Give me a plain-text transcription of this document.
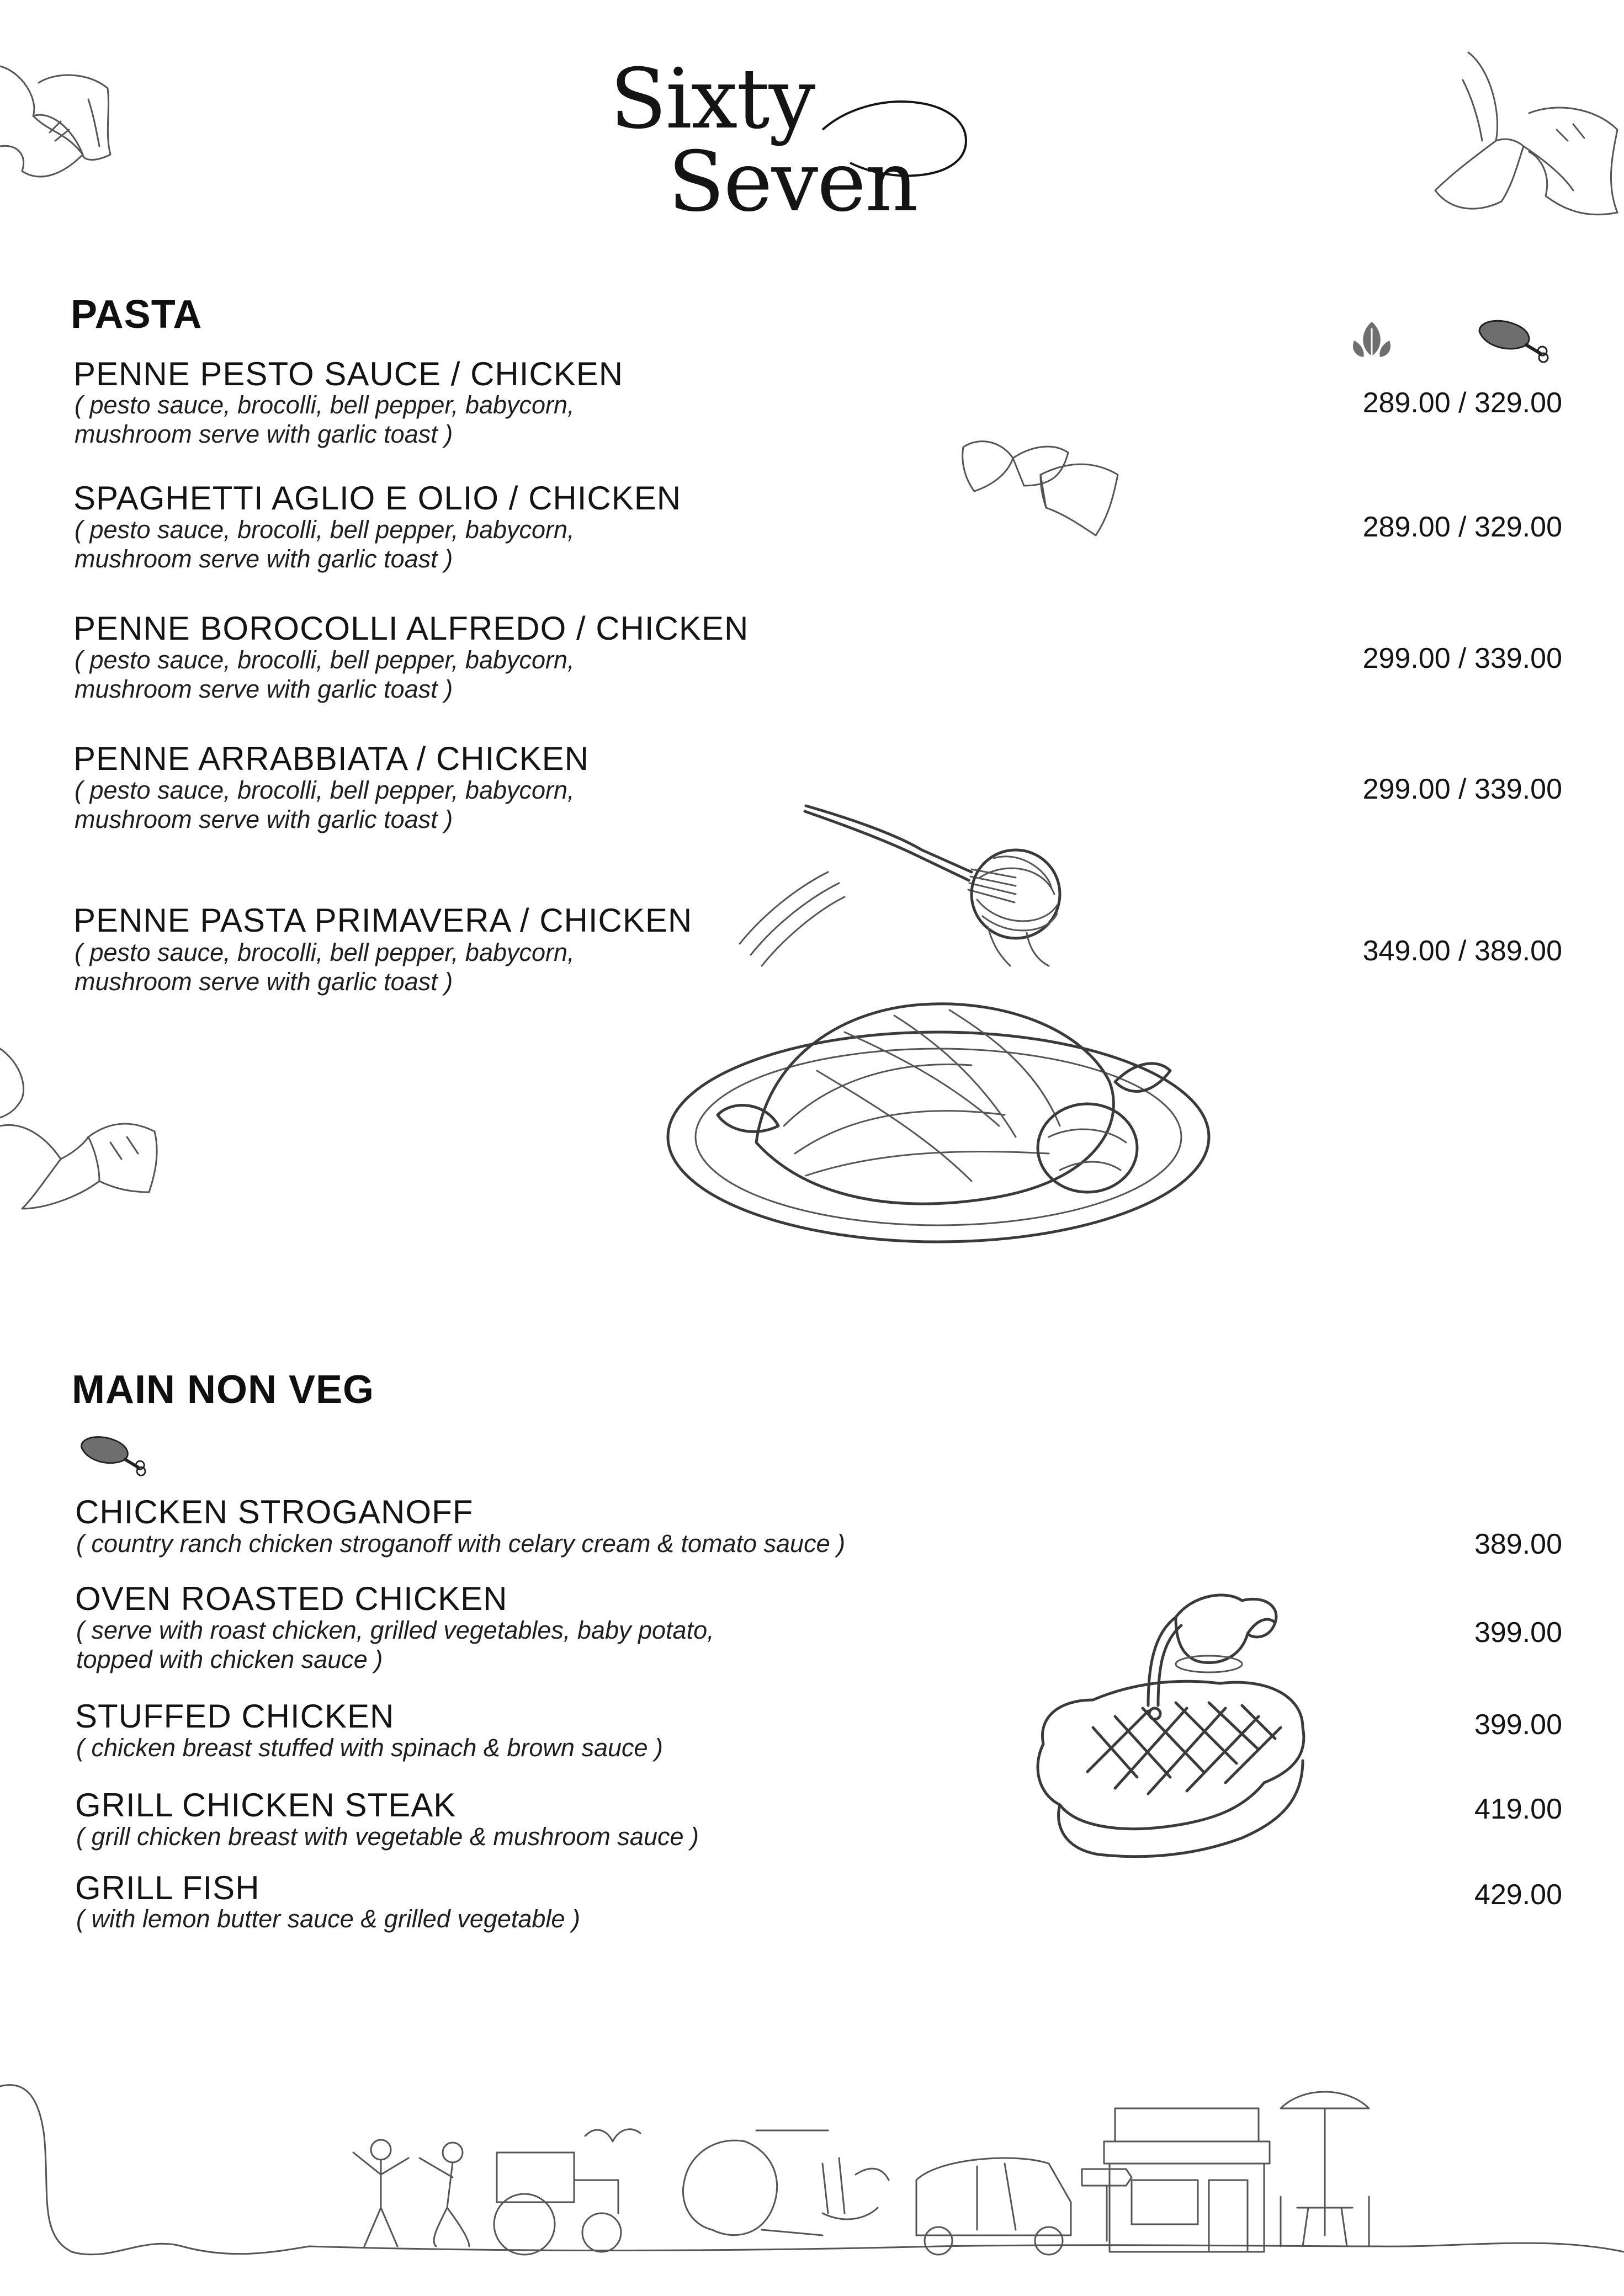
Sixty
Seven
PASTA
PENNE PESTO SAUCE / CHICKEN
( pesto sauce, brocolli, bell pepper, babycorn,
mushroom serve with garlic toast )
289.00 / 329.00
SPAGHETTI AGLIO E OLIO / CHICKEN
( pesto sauce, brocolli, bell pepper, babycorn,
mushroom serve with garlic toast )
289.00 / 329.00
PENNE BOROCOLLI ALFREDO / CHICKEN
( pesto sauce, brocolli, bell pepper, babycorn,
mushroom serve with garlic toast )
299.00 / 339.00
PENNE ARRABBIATA / CHICKEN
( pesto sauce, brocolli, bell pepper, babycorn,
mushroom serve with garlic toast )
299.00 / 339.00
PENNE PASTA PRIMAVERA / CHICKEN
( pesto sauce, brocolli, bell pepper, babycorn,
mushroom serve with garlic toast )
349.00 / 389.00
MAIN NON VEG
CHICKEN STROGANOFF
( country ranch chicken stroganoff with celary cream & tomato sauce )	389.00
OVEN ROASTED CHICKEN
( serve with roast chicken, grilled vegetables, baby potato,
topped with chicken sauce )
399.00
STUFFED CHICKEN
( chicken breast stuffed with spinach & brown sauce )
399.00
GRILL CHICKEN STEAK
( grill chicken breast with vegetable & mushroom sauce )
419.00
GRILL FISH
( with lemon butter sauce & grilled vegetable )
429.00
